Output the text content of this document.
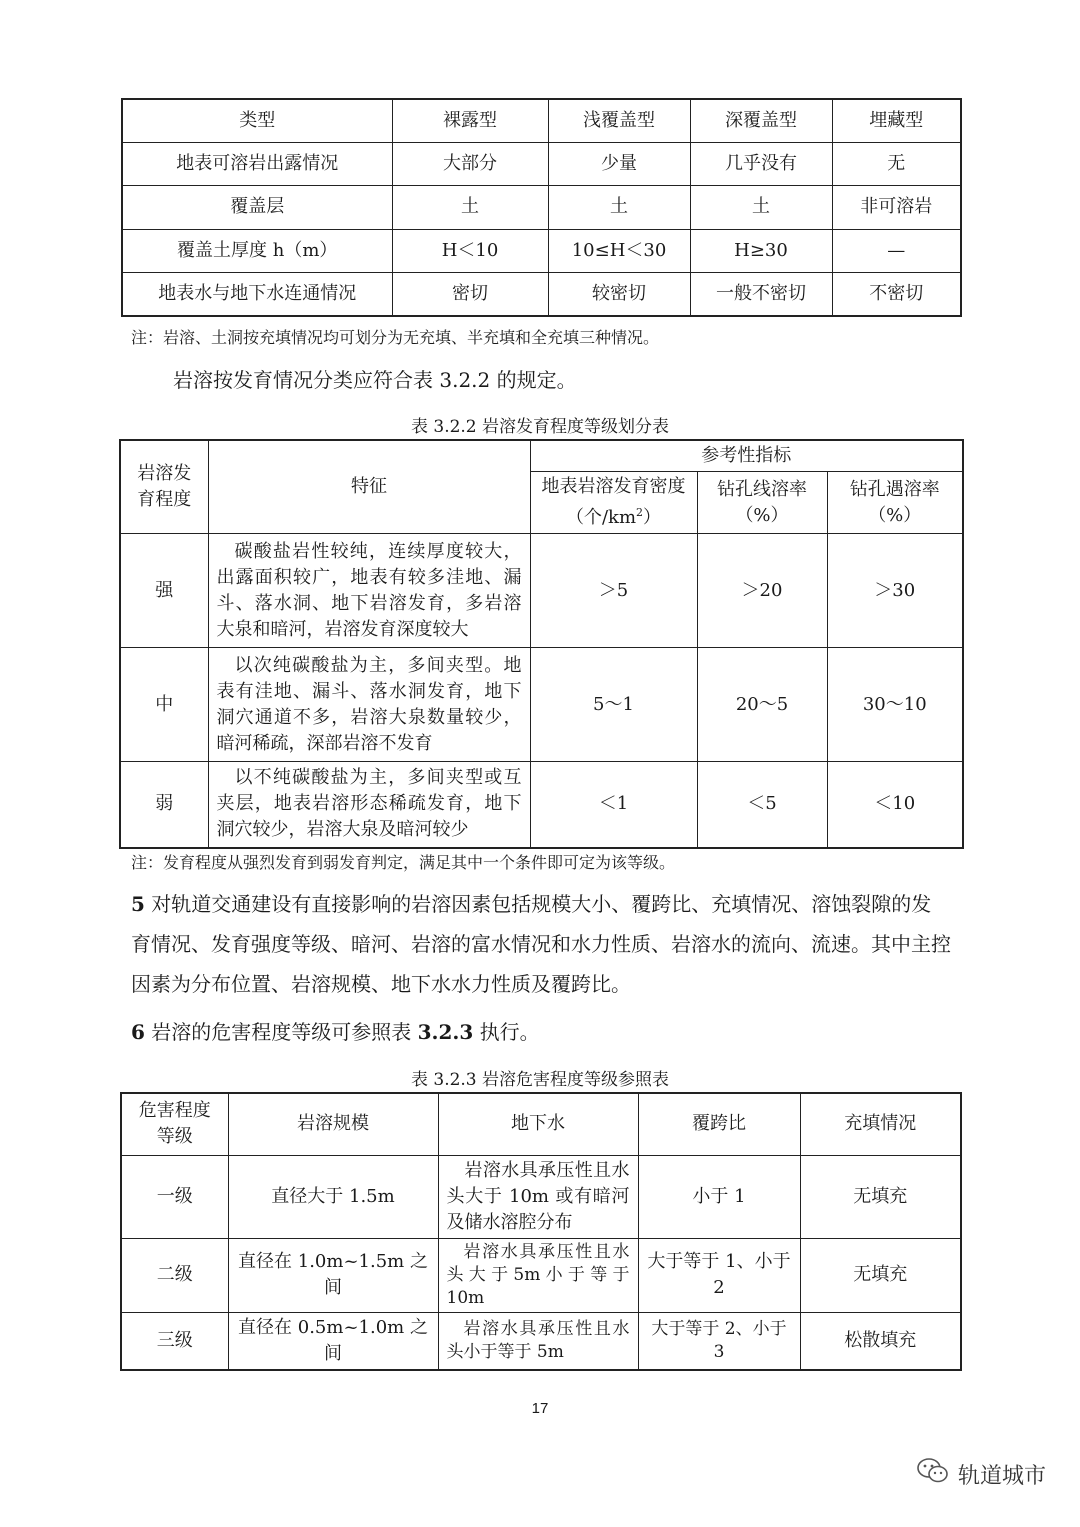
类型	裸露型	浅覆盖型	深覆盖型	埋藏型
地表可溶岩出露情况	大部分	少量	几乎没有	无
覆盖层	土	土	土	非可溶岩
覆盖土厚度 h（m）	H＜10	10≤H＜30	H≥30	—
地表水与地下水连通情况	密切	较密切	一般不密切	不密切
注：岩溶、土洞按充填情况均可划分为无充填、半充填和全充填三种情况。
岩溶按发育情况分类应符合表 3.2.2 的规定。
表 3.2.2 岩溶发育程度等级划分表
岩溶发育程度	特征	参考性指标		
		地表岩溶发育密度（个$/km^2$）	钻孔线溶率（%）	钻孔遇溶率（%）
强	碳酸盐岩性较纯，连续厚度较大，出露面积较广，地表有较多洼地、漏斗、落水洞、地下岩溶发育，多岩溶大泉和暗河，岩溶发育深度较大	＞5	＞20	＞30
中	以次纯碳酸盐为主，多间夹型。地表有洼地、漏斗、落水洞发育，地下洞穴通道不多，岩溶大泉数量较少，暗河稀疏，深部岩溶不发育	5～1	20～5	30～10
弱	以不纯碳酸盐为主，多间夹型或互夹层，地表岩溶形态稀疏发育，地下洞穴较少，岩溶大泉及暗河较少	＜1	＜5	＜10
注：发育程度从强烈发育到弱发育判定，满足其中一个条件即可定为该等级。
5 对轨道交通建设有直接影响的岩溶因素包括规模大小、覆跨比、充填情况、溶蚀裂隙的发育情况、发育强度等级、暗河、岩溶的富水情况和水力性质、岩溶水的流向、流速。其中主控因素为分布位置、岩溶规模、地下水水力性质及覆跨比。
6 岩溶的危害程度等级可参照表 3.2.3 执行。
表 3.2.3 岩溶危害程度等级参照表
危害程度等级	岩溶规模	地下水	覆跨比	充填情况
一级	直径大于 1.5m	岩溶水具承压性且水头大于 10m 或有暗河及储水溶腔分布	小于 1	无填充
二级	直径在 1.0m~1.5m 之间	岩溶水具承压性且水头大于5m小于等于10m	大于等于 1、小于 2	无填充
三级	直径在 0.5m~1.0m 之间	岩溶水具承压性且水头小于等于 5m	大于等于 2、小于 3	松散填充
17
轨道城市
